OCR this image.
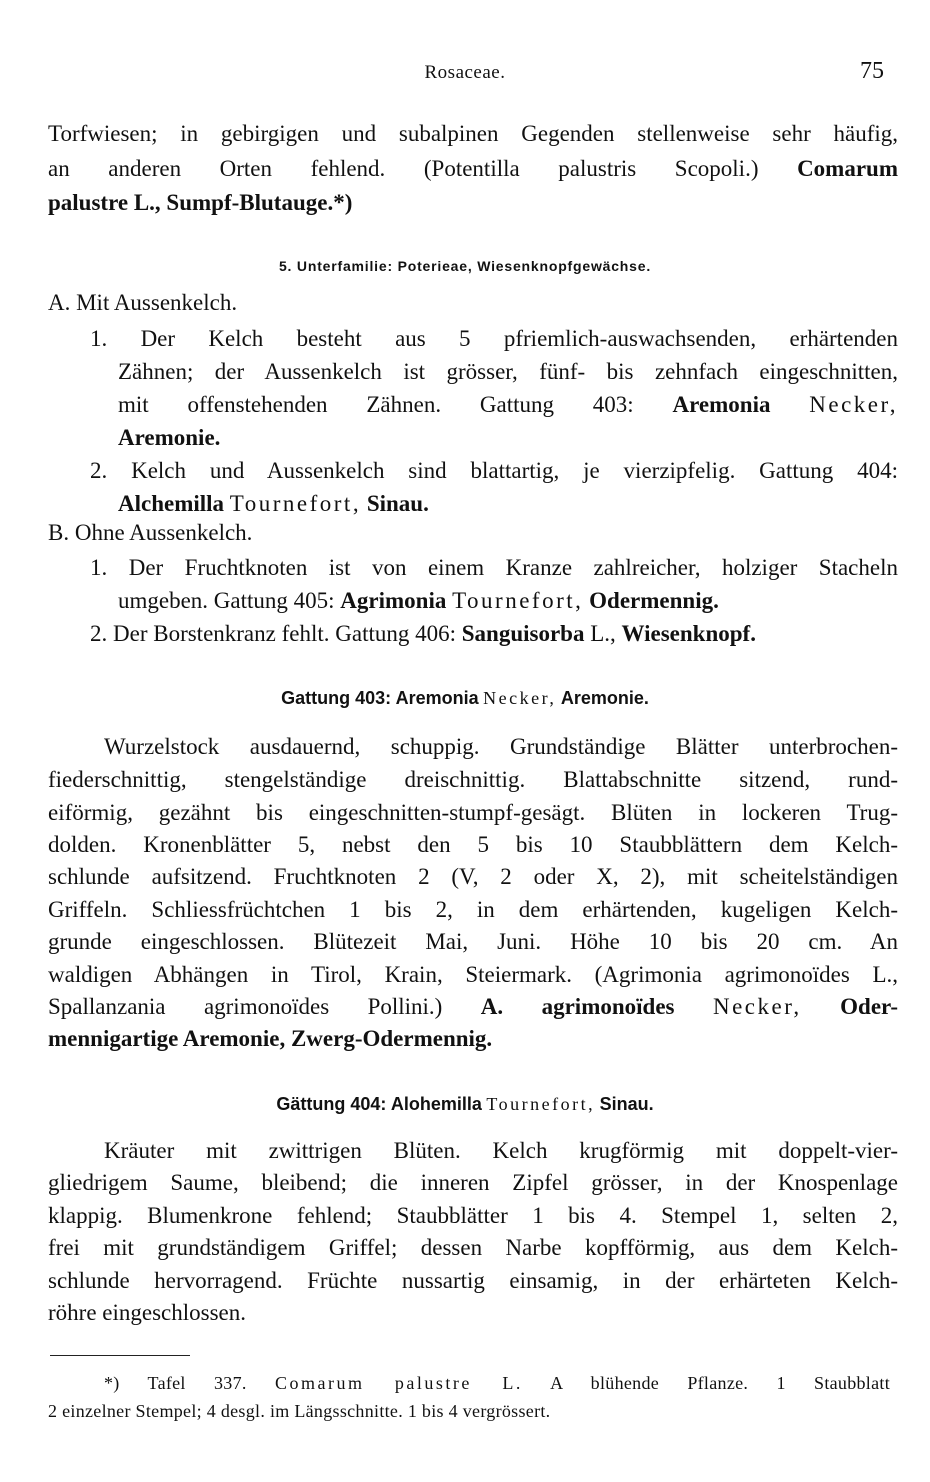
Rosaceae.	75
Torfwiesen; in gebirgigen und subalpinen Gegenden stellenweise sehr häufig,
an anderen Orten fehlend. (Potentilla palustris Scopoli.) Comarum
palustre L., Sumpf-Blutauge.*)
5. Unterfamilie: Poterieae, Wiesenknopfgewächse.
A. Mit Aussenkelch.
1. Der Kelch besteht aus 5 pfriemlich-auswachsenden, erhärtenden
Zähnen; der Aussenkelch ist grösser, fünf- bis zehnfach eingeschnitten,
mit offenstehenden Zähnen. Gattung 403: Aremonia Necker,
Aremonie.
2. Kelch und Aussenkelch sind blattartig, je vierzipfelig. Gattung 404:
Alchemilla Tournefort, Sinau.
B. Ohne Aussenkelch.
1. Der Fruchtknoten ist von einem Kranze zahlreicher, holziger Stacheln
umgeben. Gattung 405: Agrimonia Tournefort, Odermennig.
2. Der Borstenkranz fehlt. Gattung 406: Sanguisorba L., Wiesenknopf.
Gattung 403: Aremonia Necker, Aremonie.
Wurzelstock ausdauernd, schuppig. Grundständige Blätter unterbrochen-
fiederschnittig, stengelständige dreischnittig. Blattabschnitte sitzend, rund-
eiförmig, gezähnt bis eingeschnitten-stumpf-gesägt. Blüten in lockeren Trug-
dolden. Kronenblätter 5, nebst den 5 bis 10 Staubblättern dem Kelch-
schlunde aufsitzend. Fruchtknoten 2 (V, 2 oder X, 2), mit scheitelständigen
Griffeln. Schliessfrüchtchen 1 bis 2, in dem erhärtenden, kugeligen Kelch-
grunde eingeschlossen. Blütezeit Mai, Juni. Höhe 10 bis 20 cm. An
waldigen Abhängen in Tirol, Krain, Steiermark. (Agrimonia agrimonoïdes L.,
Spallanzania agrimonoïdes Pollini.) A. agrimonoïdes Necker, Oder-
mennigartige Aremonie, Zwerg-Odermennig.
Gättung 404: Alohemilla Tournefort, Sinau.
Kräuter mit zwittrigen Blüten. Kelch krugförmig mit doppelt-vier-
gliedrigem Saume, bleibend; die inneren Zipfel grösser, in der Knospenlage
klappig. Blumenkrone fehlend; Staubblätter 1 bis 4. Stempel 1, selten 2,
frei mit grundständigem Griffel; dessen Narbe kopfförmig, aus dem Kelch-
schlunde hervorragend. Früchte nussartig einsamig, in der erhärteten Kelch-
röhre eingeschlossen.
*) Tafel 337. Comarum palustre L. A blühende Pflanze. 1 Staubblatt
2 einzelner Stempel; 4 desgl. im Längsschnitte. 1 bis 4 vergrössert.
